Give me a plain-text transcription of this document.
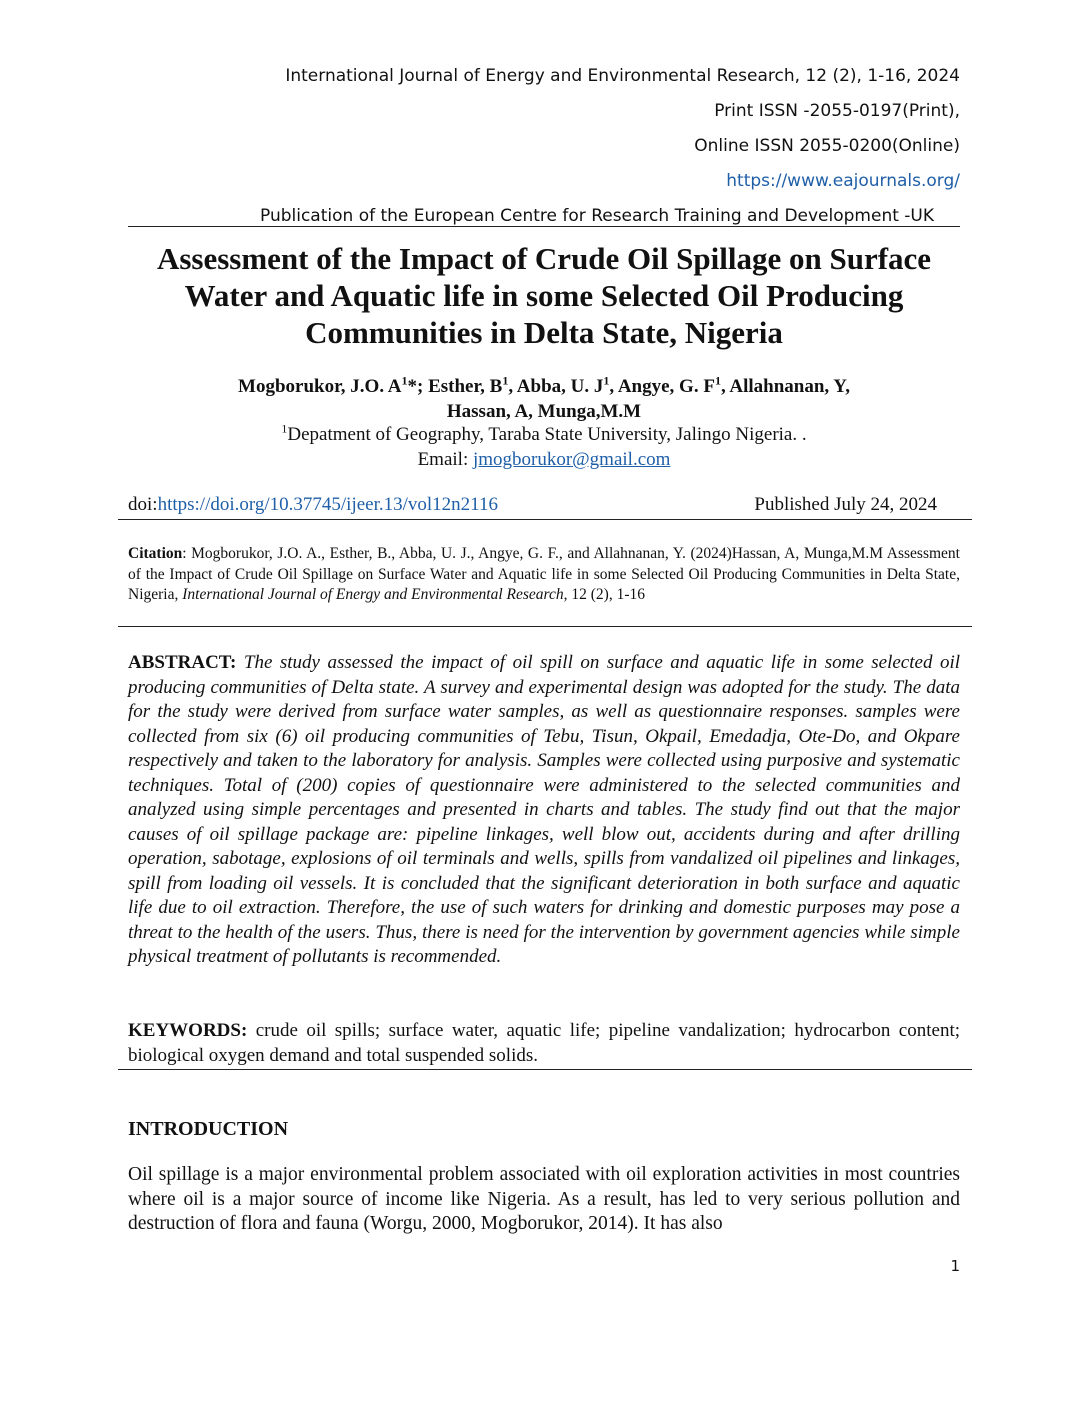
International Journal of Energy and Environmental Research, 12 (2), 1-16, 2024
Print ISSN -2055-0197(Print),
Online ISSN 2055-0200(Online)
https://www.eajournals.org/
Publication of the European Centre for Research Training and Development -UK
Assessment of the Impact of Crude Oil Spillage on Surface
Water and Aquatic life in some Selected Oil Producing
Communities in Delta State, Nigeria
Mogborukor, J.O. $A^1*$; Esther, $B^1$, Abba, U. $J^1$, Angye, G. $F^1$, Allahnanan, Y,
Hassan, A, Munga,M.M
$^1$Depatment of Geography, Taraba State University, Jalingo Nigeria. .
Email: jmogborukor@gmail.com
doi:https://doi.org/10.37745/ijeer.13/vol12n2116	Published July 24, 2024
Citation: Mogborukor, J.O. A., Esther, B., Abba, U. J., Angye, G. F., and Allahnanan, Y. (2024)Hassan, A, Munga,M.M Assessment of the Impact of Crude Oil Spillage on Surface Water and Aquatic life in some Selected Oil Producing Communities in Delta State, Nigeria, International Journal of Energy and Environmental Research, 12 (2), 1-16
ABSTRACT: The study assessed the impact of oil spill on surface and aquatic life in some selected oil producing communities of Delta state. A survey and experimental design was adopted for the study. The data for the study were derived from surface water samples, as well as questionnaire responses. samples were collected from six (6) oil producing communities of Tebu, Tisun, Okpail, Emedadja, Ote-Do, and Okpare respectively and taken to the laboratory for analysis. Samples were collected using purposive and systematic techniques. Total of (200) copies of questionnaire were administered to the selected communities and analyzed using simple percentages and presented in charts and tables. The study find out that the major causes of oil spillage package are: pipeline linkages, well blow out, accidents during and after drilling operation, sabotage, explosions of oil terminals and wells, spills from vandalized oil pipelines and linkages, spill from loading oil vessels. It is concluded that the significant deterioration in both surface and aquatic life due to oil extraction. Therefore, the use of such waters for drinking and domestic purposes may pose a threat to the health of the users. Thus, there is need for the intervention by government agencies while simple physical treatment of pollutants is recommended.
KEYWORDS: crude oil spills; surface water, aquatic life; pipeline vandalization; hydrocarbon content; biological oxygen demand and total suspended solids.
INTRODUCTION
Oil spillage is a major environmental problem associated with oil exploration activities in most countries where oil is a major source of income like Nigeria. As a result, has led to very serious pollution and destruction of flora and fauna (Worgu, 2000, Mogborukor, 2014). It has also
1
